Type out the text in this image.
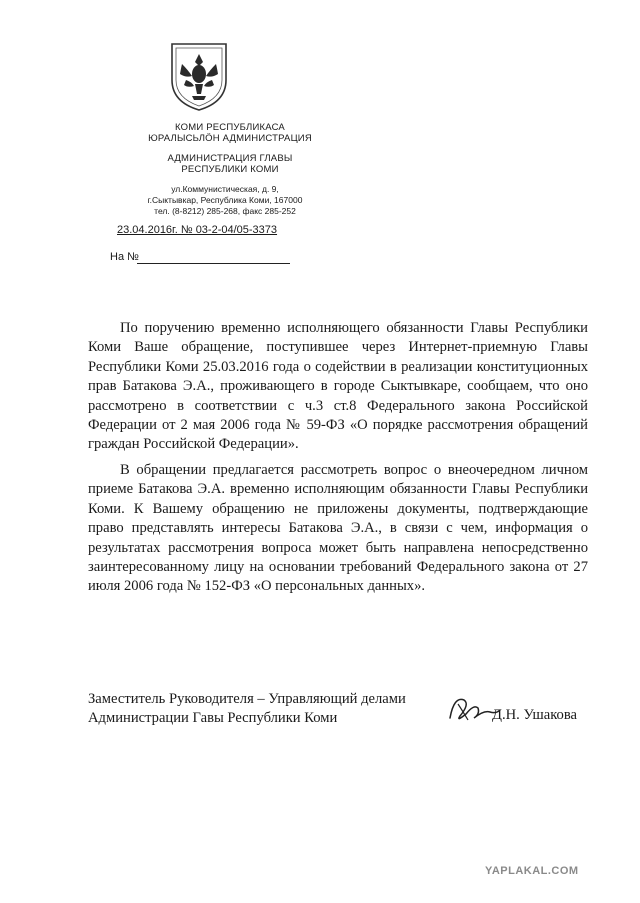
КОМИ РЕСПУБЛИКАСА
ЮРАЛЫСЬЛӦН АДМИНИСТРАЦИЯ
АДМИНИСТРАЦИЯ ГЛАВЫ
РЕСПУБЛИКИ КОМИ
ул.Коммунистическая, д. 9,
г.Сыктывкар, Республика Коми, 167000
тел. (8-8212) 285-268, факс 285-252
23.04.2016г. № 03-2-04/05-3373
На №

По поручению временно исполняющего обязанности Главы Республики Коми Ваше обращение, поступившее через Интернет-приемную Главы Республики Коми 25.03.2016 года о содействии в реализации конституционных прав Батакова Э.А., проживающего в городе Сыктывкаре, сообщаем, что оно рассмотрено в соответствии с ч.3 ст.8 Федерального закона Российской Федерации от 2 мая 2006 года № 59-ФЗ «О порядке рассмотрения обращений граждан Российской Федерации».

В обращении предлагается рассмотреть вопрос о внеочередном личном приеме Батакова Э.А. временно исполняющим обязанности Главы Республики Коми. К Вашему обращению не приложены документы, подтверждающие право представлять интересы Батакова Э.А., в связи с чем, информация о результатах рассмотрения вопроса может быть направлена непосредственно заинтересованному лицу на основании требований Федерального закона от 27 июля 2006 года № 152-ФЗ «О персональных данных».

Заместитель Руководителя – Управляющий делами
Администрации Гавы Республики Коми	Д.Н. Ушакова
YAPLAKAL.COM
